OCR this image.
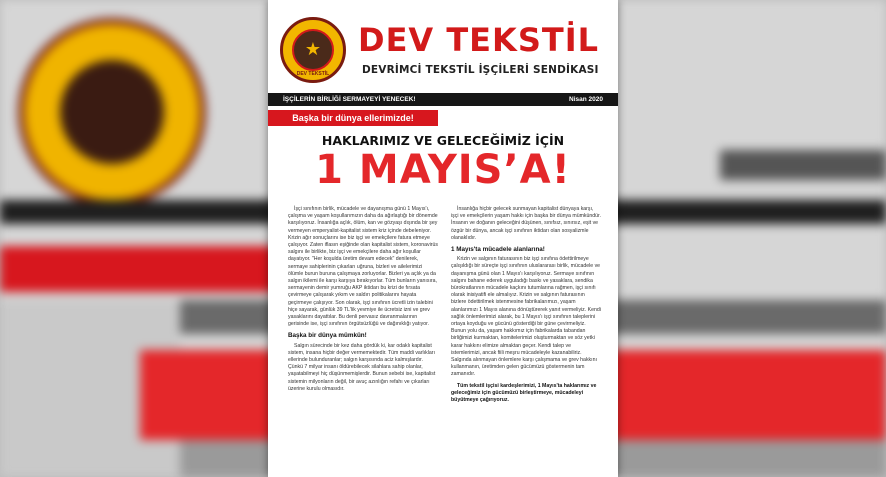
★
DEV TEKSTİL
DEV TEKSTİL
DEVRİMCİ TEKSTİL İŞÇİLERİ SENDİKASI
İŞÇİLERİN BİRLİĞİ SERMAYEYİ YENECEK!	Nisan 2020
Başka bir dünya ellerimizde!
HAKLARIMIZ VE GELECEĞİMİZ İÇİN
1 MAYIS’A!

İşçi sınıfının birlik, mücadele ve dayanışma günü 1 Mayıs'ı, çalışma ve yaşam koşullarımızın daha da ağırlaştığı bir dönemde karşılıyoruz. İnsanlığa açlık, ölüm, kan ve gözyaşı dışında bir şey vermeyen emperyalist-kapitalist sistem kriz içinde debeleniyor. Krizin ağır sonuçlarını ise biz işçi ve emekçilere fatura etmeye çalışıyor. Zaten iflasın eşiğinde olan kapitalist sistem, koronavirüs salgını ile birlikte, biz işçi ve emekçilere daha ağır koşullar dayatıyor. "Her koşulda üretim devam edecek" denilerek, sermaye sahiplerinin çıkarları uğruna, bizleri ve ailelerimizi ölümle burun buruna çalışmaya zorluyorlar. Bizleri ya açlık ya da salgın ikilemi ile karşı karşıya bırakıyorlar. Tüm bunların yanısıra, sermayenin demir yumruğu AKP iktidarı bu krizi de fırsata çevirmeye çalışarak yıkım ve saldırı politikalarını hayata geçirmeye çalışıyor. Son olarak, işçi sınıfının ücretli izin talebini hiçe sayarak, günlük 39 TL'lik yevmiye ile ücretsiz izni ve grev yasaklarını dayattılar. Bu denli pervasız davranmalarının gerisinde ise, işçi sınıfının örgütsüzlüğü ve dağınıklığı yatıyor.

Başka bir dünya mümkün!

Salgın sürecinde bir kez daha gördük ki, kar odaklı kapitalist sistem, insana hiçbir değer vermemektedir. Tüm maddi varlıkları ellerinde bulunduranlar; salgın karşısında aciz kalmışlardır. Çünkü 7 milyar insanı öldürebilecek silahlara sahip olanlar, yaşatabilmeyi hiç düşünmemişlerdir. Bunun sebebi ise, kapitalist sistemin milyonların değil, bir avuç azınlığın refahı ve çıkarları üzerine kurulu olmasıdır.

İnsanlığa hiçbir gelecek sunmayan kapitalist dünyaya karşı, işçi ve emekçilerin yaşam hakkı için başka bir dünya mümkündür. İnsanın ve doğanın geleceğini düşünen, sınıfsız, sınırsız, eşit ve özgür bir dünya, ancak işçi sınıfının iktidarı olan sosyalizmle olanaklıdır.

1 Mayıs'ta mücadele alanlarına!

Krizin ve salgının faturasının biz işçi sınıfına ödettirilmeye çalışıldığı bir süreçte işçi sınıfının uluslararası birlik, mücadele ve dayanışma günü olan 1 Mayıs'ı karşılıyoruz. Sermaye sınıfının salgını bahane ederek uyguladığı baskı ve yasaklara, sendika bürokratlarının mücadele kaçkını tutumlarına rağmen, işçi sınıfı olarak inisiyatifi ele almalıyız. Krizin ve salgının faturasının bizlere ödettirilmek istenmesine fabrikalarımızı, yaşam alanlarımızı 1 Mayıs alanına dönüştürerek yanıt vermeliyiz. Kendi sağlık önlemlerimizi alarak, bu 1 Mayıs'ı işçi sınıfının taleplerini ortaya koyduğu ve gücünü gösterdiği bir güne çevirmeliyiz. Bunun yolu da, yaşam hakkımız için fabrikalarda tabandan birliğimizi kurmaktan, komitelerimizi oluşturmaktan ve söz yetki karar hakkını elimize almaktan geçer. Kendi talep ve istemlerimizi, ancak fiili meşru mücadeleyle kazanabiliriz. Salgında alınmayan önlemlere karşı çalışmama ve grev hakkını kullanmanın, üretimden gelen gücümüzü göstermenin tam zamanıdır.

Tüm tekstil işçisi kardeşlerimizi, 1 Mayıs'ta haklarımız ve geleceğimiz için gücümüzü birleştirmeye, mücadeleyi büyütmeye çağırıyoruz.
